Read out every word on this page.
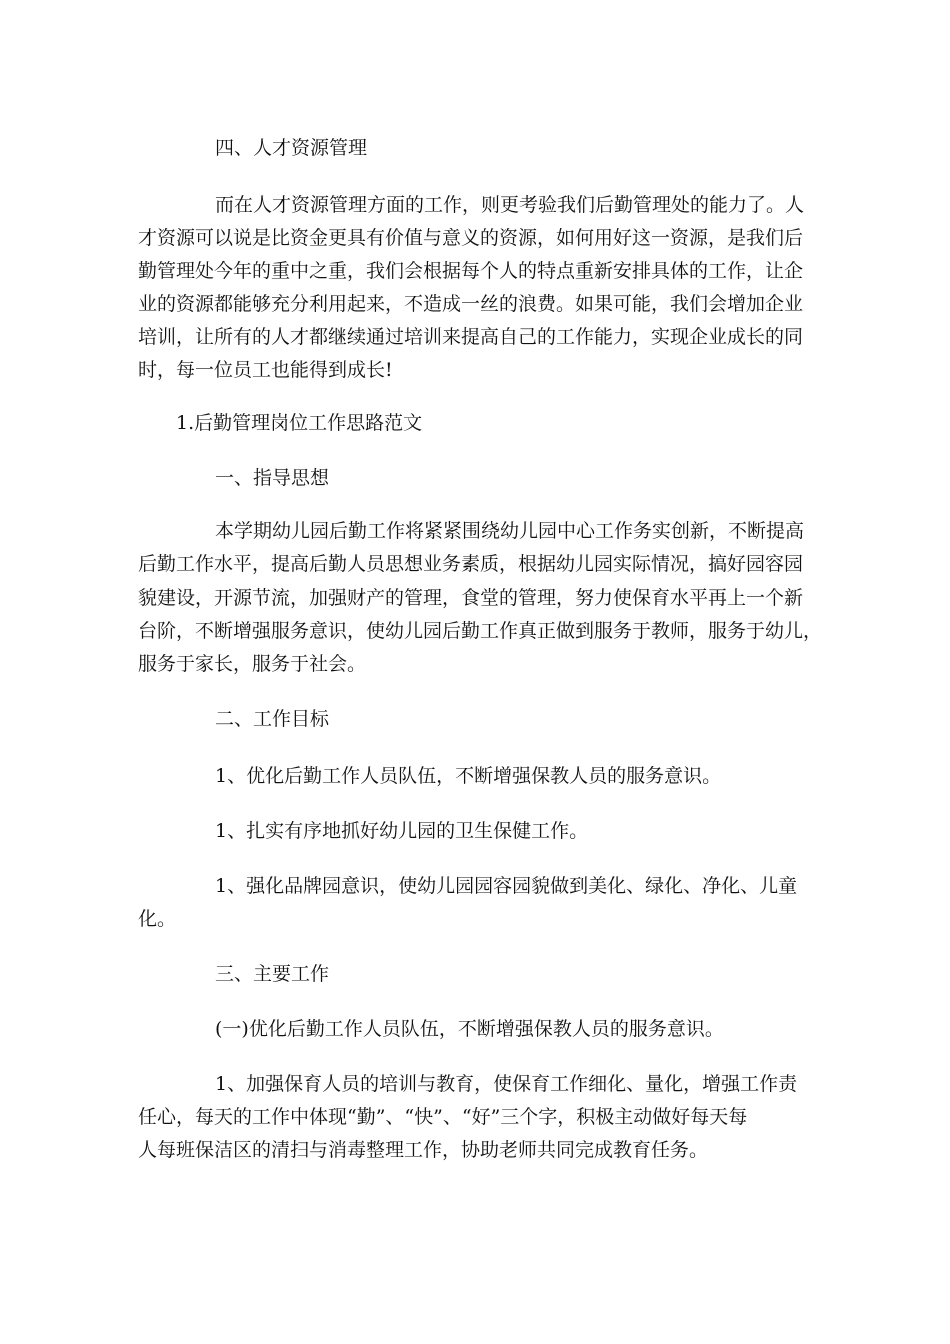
四、人才资源管理
而在人才资源管理方面的工作，则更考验我们后勤管理处的能力了。人
才资源可以说是比资金更具有价值与意义的资源，如何用好这一资源，是我们后
勤管理处今年的重中之重，我们会根据每个人的特点重新安排具体的工作，让企
业的资源都能够充分利用起来，不造成一丝的浪费。如果可能，我们会增加企业
培训，让所有的人才都继续通过培训来提高自己的工作能力，实现企业成长的同
时，每一位员工也能得到成长!
1.后勤管理岗位工作思路范文
一、指导思想
本学期幼儿园后勤工作将紧紧围绕幼儿园中心工作务实创新，不断提高
后勤工作水平，提高后勤人员思想业务素质，根据幼儿园实际情况，搞好园容园
貌建设，开源节流，加强财产的管理，食堂的管理，努力使保育水平再上一个新
台阶，不断增强服务意识，使幼儿园后勤工作真正做到服务于教师，服务于幼儿，
服务于家长，服务于社会。
二、工作目标
1、优化后勤工作人员队伍，不断增强保教人员的服务意识。
1、扎实有序地抓好幼儿园的卫生保健工作。
1、强化品牌园意识，使幼儿园园容园貌做到美化、绿化、净化、儿童
化。
三、主要工作
(一)优化后勤工作人员队伍，不断增强保教人员的服务意识。
1、加强保育人员的培训与教育，使保育工作细化、量化，增强工作责
任心，每天的工作中体现“勤”、“快”、“好”三个字，积极主动做好每天每
人每班保洁区的清扫与消毒整理工作，协助老师共同完成教育任务。
